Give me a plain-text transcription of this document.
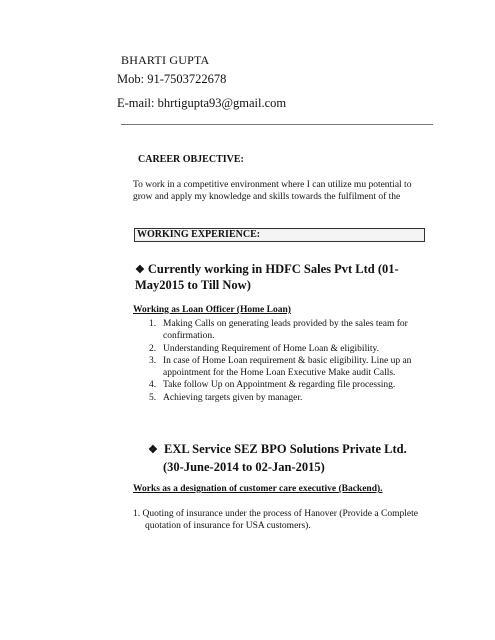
BHARTI GUPTA
Mob: 91-7503722678
E-mail: bhrtigupta93@gmail.com
CAREER OBJECTIVE:
To work in a competitive environment where I can utilize mu potential to
grow and apply my knowledge and skills towards the fulfilment of the
WORKING EXPERIENCE:
❖ Currently working in HDFC Sales Pvt Ltd (01-
May2015 to Till Now)
Working as Loan Officer (Home Loan)
1. Making Calls on generating leads provided by the sales team for confirmation.
2. Understanding Requirement of Home Loan & eligibility.
3. In case of Home Loan requirement & basic eligibility. Line up an appointment for the Home Loan Executive Make audit Calls.
4. Take follow Up on Appointment & regarding file processing.
5. Achieving targets given by manager.
❖ EXL Service SEZ BPO Solutions Private Ltd.
(30-June-2014 to 02-Jan-2015)
Works as a designation of customer care executive (Backend).
1. Quoting of insurance under the process of Hanover (Provide a Complete
quotation of insurance for USA customers).
